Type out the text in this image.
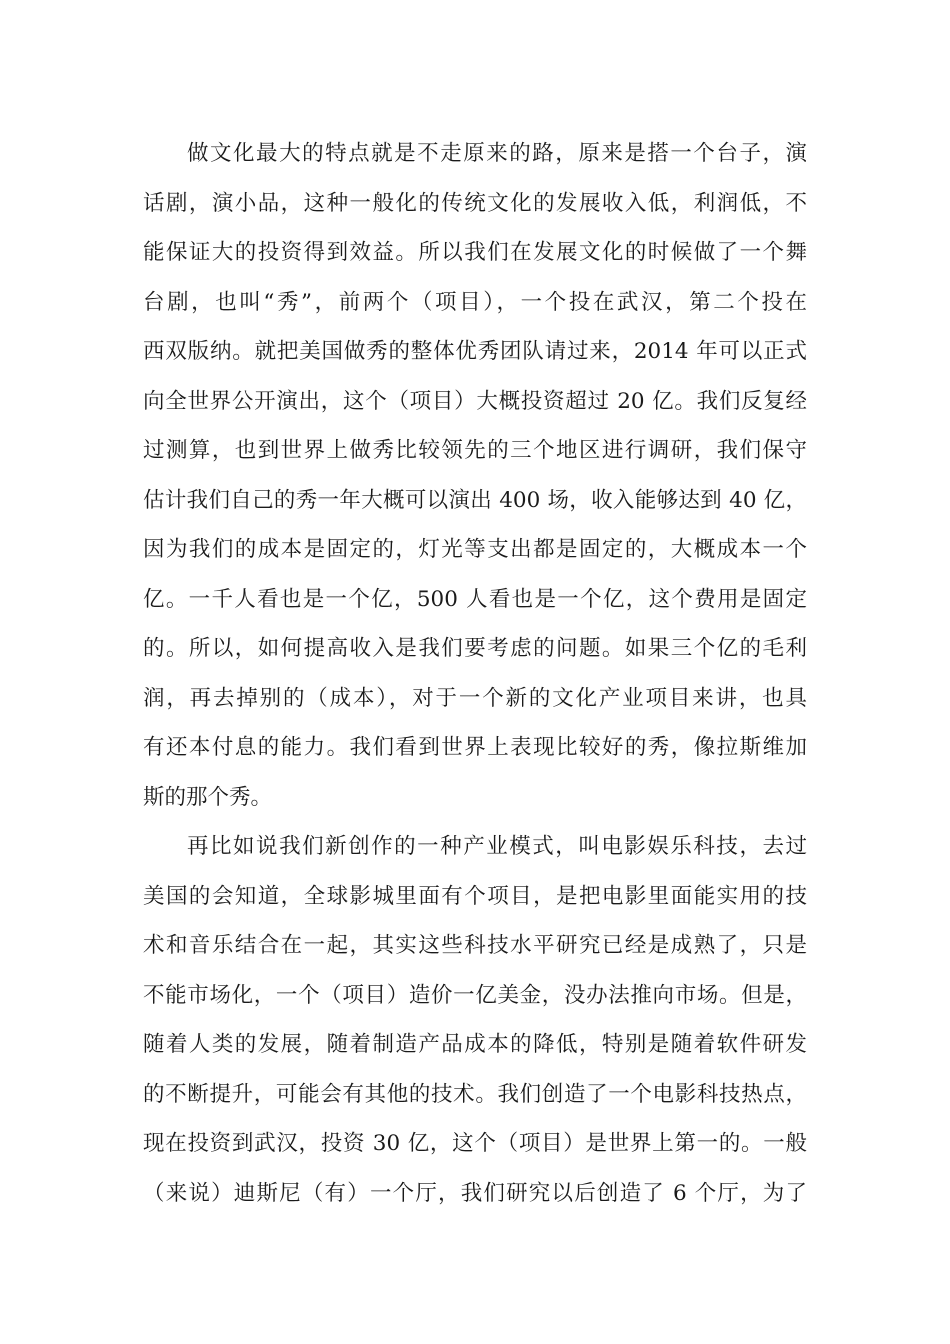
做文化最大的特点就是不走原来的路，原来是搭一个台子，演
话剧，演小品，这种一般化的传统文化的发展收入低，利润低，不
能保证大的投资得到效益。所以我们在发展文化的时候做了一个舞
台剧，也叫“秀”，前两个（项目），一个投在武汉，第二个投在
西双版纳。就把美国做秀的整体优秀团队请过来，2014 年可以正式
向全世界公开演出，这个（项目）大概投资超过 20 亿。我们反复经
过测算，也到世界上做秀比较领先的三个地区进行调研，我们保守
估计我们自己的秀一年大概可以演出 400 场，收入能够达到 40 亿，
因为我们的成本是固定的，灯光等支出都是固定的，大概成本一个
亿。一千人看也是一个亿，500 人看也是一个亿，这个费用是固定
的。所以，如何提高收入是我们要考虑的问题。如果三个亿的毛利
润，再去掉别的（成本），对于一个新的文化产业项目来讲，也具
有还本付息的能力。我们看到世界上表现比较好的秀，像拉斯维加
斯的那个秀。
再比如说我们新创作的一种产业模式，叫电影娱乐科技，去过
美国的会知道，全球影城里面有个项目，是把电影里面能实用的技
术和音乐结合在一起，其实这些科技水平研究已经是成熟了，只是
不能市场化，一个（项目）造价一亿美金，没办法推向市场。但是，
随着人类的发展，随着制造产品成本的降低，特别是随着软件研发
的不断提升，可能会有其他的技术。我们创造了一个电影科技热点，
现在投资到武汉，投资 30 亿，这个（项目）是世界上第一的。一般
（来说）迪斯尼（有）一个厅，我们研究以后创造了 6 个厅，为了
